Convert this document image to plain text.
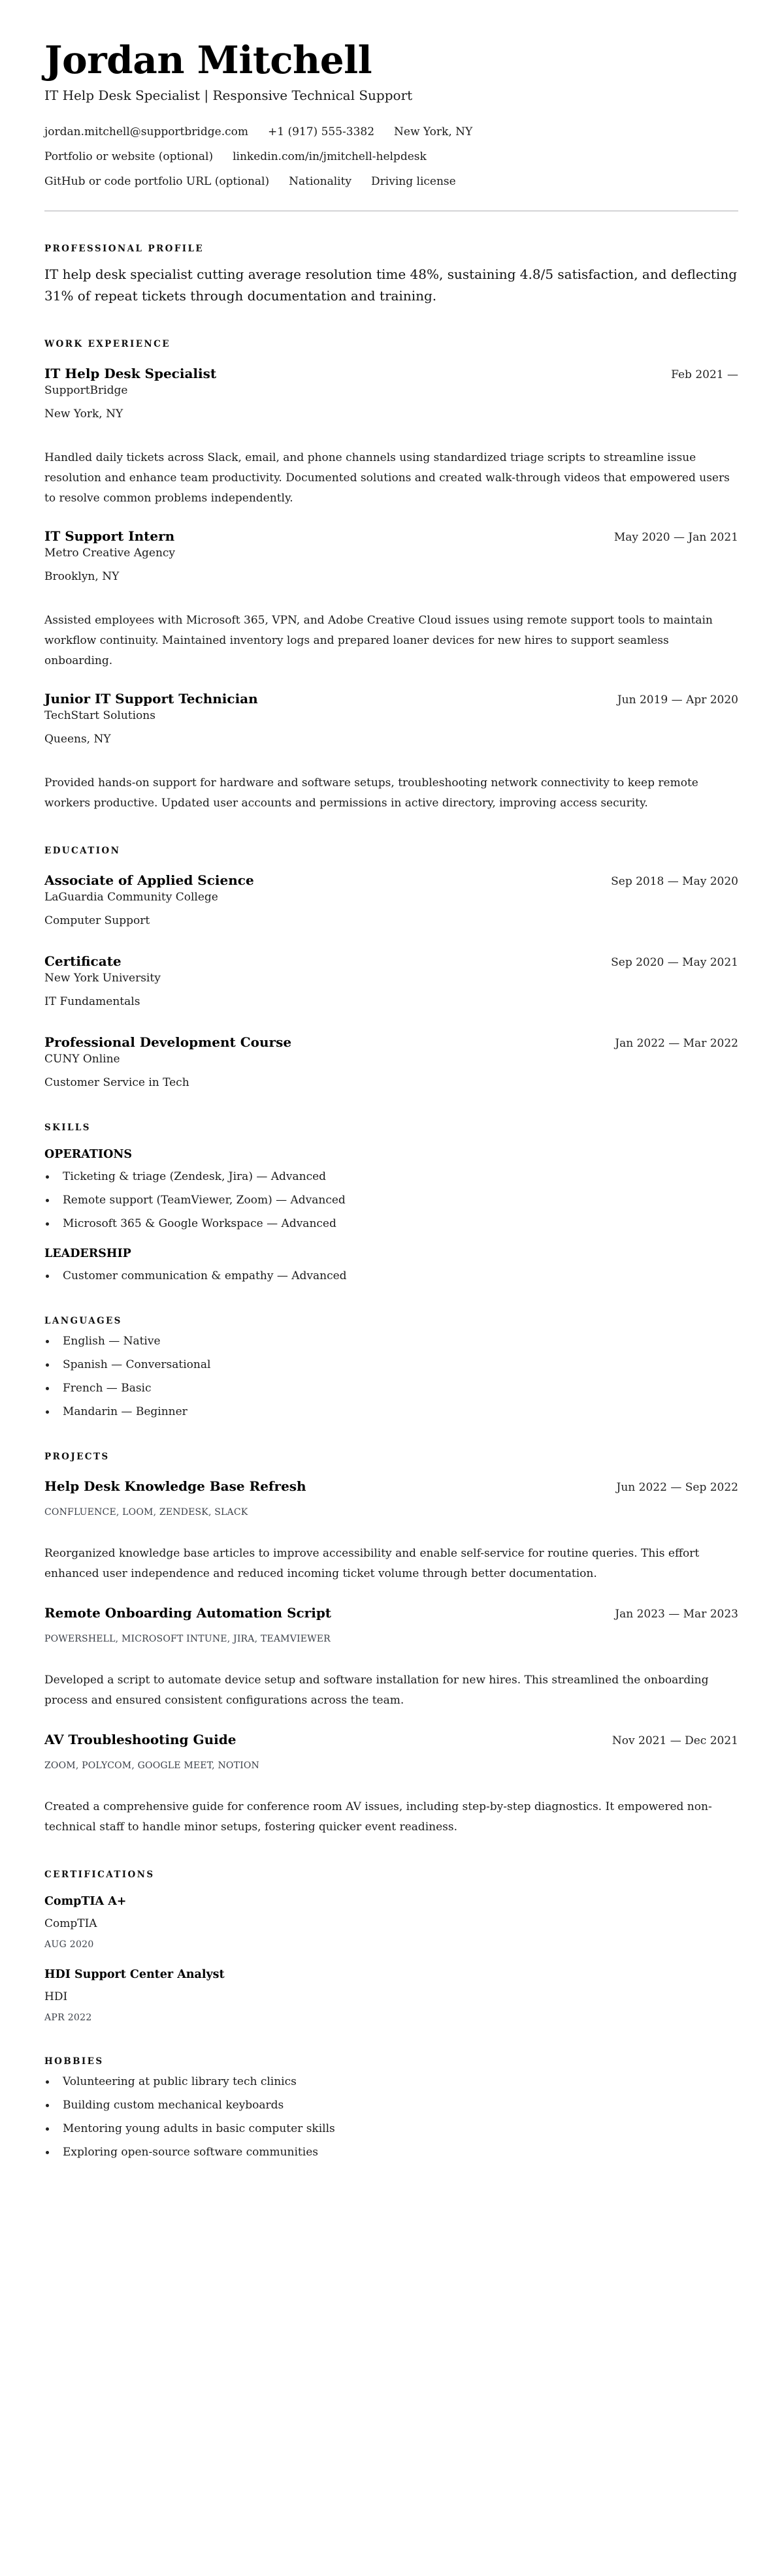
Jordan Mitchell
IT Help Desk Specialist | Responsive Technical Support
jordan.mitchell@supportbridge.com +1 (917) 555-3382 New York, NY
Portfolio or website (optional) linkedin.com/in/jmitchell-helpdesk
GitHub or code portfolio URL (optional) Nationality Driving license
PROFESSIONAL PROFILE

IT help desk specialist cutting average resolution time 48%, sustaining 4.8/5 satisfaction, and deflecting 31% of repeat tickets through documentation and training.

WORK EXPERIENCE
IT Help Desk Specialist	Feb 2021 —
SupportBridge
New York, NY

Handled daily tickets across Slack, email, and phone channels using standardized triage scripts to streamline issue resolution and enhance team productivity. Documented solutions and created walk-through videos that empowered users to resolve common problems independently.

IT Support Intern	May 2020 — Jan 2021
Metro Creative Agency
Brooklyn, NY

Assisted employees with Microsoft 365, VPN, and Adobe Creative Cloud issues using remote support tools to maintain workflow continuity. Maintained inventory logs and prepared loaner devices for new hires to support seamless onboarding.

Junior IT Support Technician	Jun 2019 — Apr 2020
TechStart Solutions
Queens, NY

Provided hands-on support for hardware and software setups, troubleshooting network connectivity to keep remote workers productive. Updated user accounts and permissions in active directory, improving access security.

EDUCATION
Associate of Applied Science	Sep 2018 — May 2020
LaGuardia Community College
Computer Support
Certificate	Sep 2020 — May 2021
New York University
IT Fundamentals
Professional Development Course	Jan 2022 — Mar 2022
CUNY Online
Customer Service in Tech
SKILLS
OPERATIONS
Ticketing & triage (Zendesk, Jira) — Advanced
Remote support (TeamViewer, Zoom) — Advanced
Microsoft 365 & Google Workspace — Advanced
LEADERSHIP
Customer communication & empathy — Advanced
LANGUAGES
English — Native
Spanish — Conversational
French — Basic
Mandarin — Beginner
PROJECTS
Help Desk Knowledge Base Refresh	Jun 2022 — Sep 2022
CONFLUENCE, LOOM, ZENDESK, SLACK

Reorganized knowledge base articles to improve accessibility and enable self-service for routine queries. This effort enhanced user independence and reduced incoming ticket volume through better documentation.

Remote Onboarding Automation Script	Jan 2023 — Mar 2023
POWERSHELL, MICROSOFT INTUNE, JIRA, TEAMVIEWER

Developed a script to automate device setup and software installation for new hires. This streamlined the onboarding process and ensured consistent configurations across the team.

AV Troubleshooting Guide	Nov 2021 — Dec 2021
ZOOM, POLYCOM, GOOGLE MEET, NOTION

Created a comprehensive guide for conference room AV issues, including step-by-step diagnostics. It empowered non-technical staff to handle minor setups, fostering quicker event readiness.

CERTIFICATIONS
CompTIA A+
CompTIA
AUG 2020
HDI Support Center Analyst
HDI
APR 2022
HOBBIES
Volunteering at public library tech clinics
Building custom mechanical keyboards
Mentoring young adults in basic computer skills
Exploring open-source software communities
